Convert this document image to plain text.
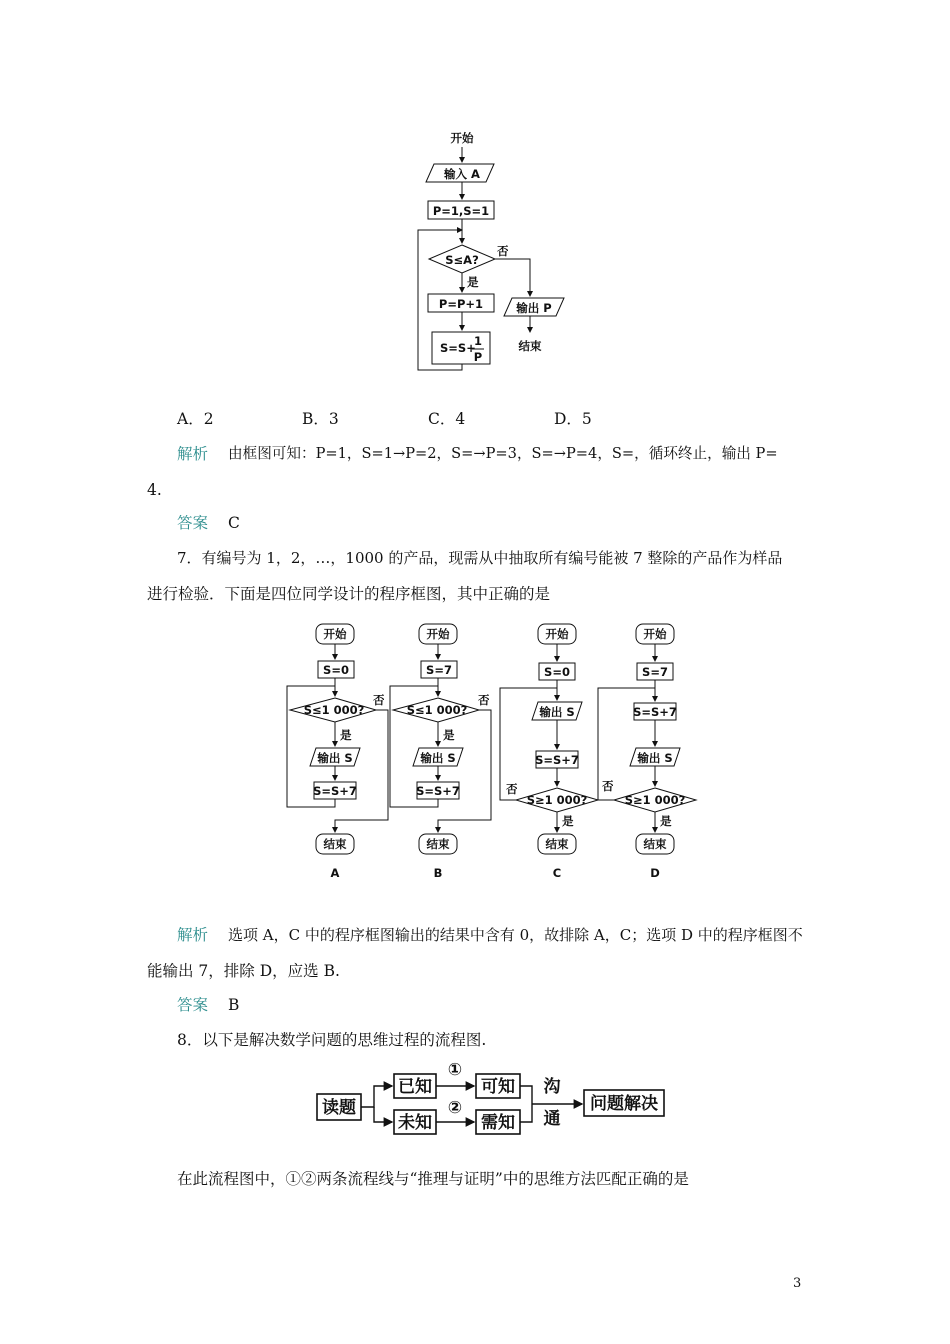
开始
输入 A
P=1,S=1
S≤A?
是
否
P=P+1
S=S+
1
P
输出 P
结束
A．2	B．3	C．4	D．5
解析 由框图可知：P=1，S=1→P=2，S=→P=3，S=→P=4，S=，循环终止，输出 P=
4.
答案 C
7．有编号为 1，2，…，1000 的产品，现需从中抽取所有编号能被 7 整除的产品作为样品
进行检验．下面是四位同学设计的程序框图，其中正确的是
开始
S=0
S≤1 000?
否
是
输出 S
S=S+7
结束
A
开始
S=7
S≤1 000?
否
是
输出 S
S=S+7
结束
B
开始
S=0
输出 S
S=S+7
S≥1 000?
否
是
结束
C
开始
S=7
S=S+7
输出 S
S≥1 000?
否
是
结束
D
解析 选项 A，C 中的程序框图输出的结果中含有 0，故排除 A，C；选项 D 中的程序框图不
能输出 7，排除 D，应选 B.
答案 B
8．以下是解决数学问题的思维过程的流程图.
读题
已知
未知
①
②
可知
需知
沟
通
问题解决
在此流程图中，①②两条流程线与“推理与证明”中的思维方法匹配正确的是
3
